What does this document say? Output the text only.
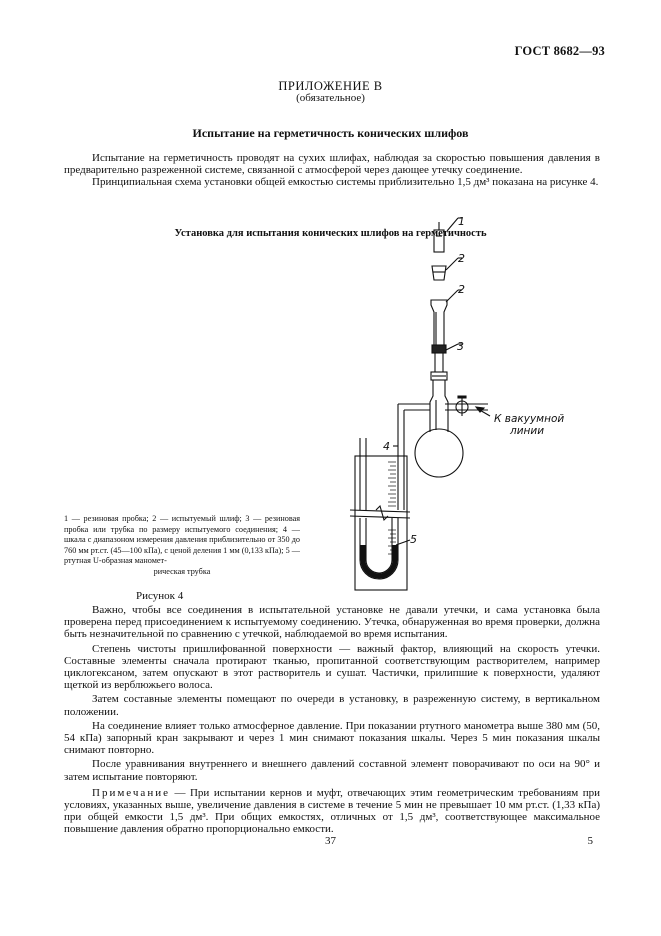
ГОСТ 8682—93
ПРИЛОЖЕНИЕ В
(обязательное)
Испытание на герметичность конических шлифов

Испытание на герметичность проводят на сухих шлифах, наблюдая за скоростью повышения давления в предварительно разреженной системе, связанной с атмосферой через дающее утечку соединение.

Принципиальная схема установки общей емкостью системы приблизительно 1,5 дм³ показана на рисунке 4.

Установка для испытания конических шлифов на герметичность
1
2
2
3
4
5
К вакуумной
линии
1 — резиновая пробка; 2 — испытуемый шлиф; 3 — резиновая пробка или трубка по размеру испытуемого соединения; 4 — шкала с диапазоном измерения давления приблизительно от 350 до 760 мм рт.ст. (45—100 кПа), с ценой деления 1 мм (0,133 кПа); 5 — ртутная U-образная маномет-
рическая трубка
Рисунок 4

Важно, чтобы все соединения в испытательной установке не давали утечки, и сама установка была проверена перед присоединением к испытуемому соединению. Утечка, обнаруженная во время проверки, должна быть незначительной по сравнению с утечкой, наблюдаемой во время испытания.

Степень чистоты пришлифованной поверхности — важный фактор, влияющий на скорость утечки. Составные элементы сначала протирают тканью, пропитанной соответствующим растворителем, например циклогексаном, затем опускают в этот растворитель и сушат. Частички, прилипшие к поверхности, удаляют щеткой из верблюжьего волоса.

Затем составные элементы помещают по очереди в установку, в разреженную систему, в вертикальном положении.

На соединение влияет только атмосферное давление. При показании ртутного манометра выше 380 мм (50, 54 кПа) запорный кран закрывают и через 1 мин снимают показания шкалы. Через 5 мин показания шкалы снимают повторно.

После уравнивания внутреннего и внешнего давлений составной элемент поворачивают по оси на 90° и затем испытание повторяют.

Примечание — При испытании кернов и муфт, отвечающих этим геометрическим требованиям при условиях, указанных выше, увеличение давления в системе в течение 5 мин не превышает 10 мм рт.ст. (1,33 кПа) при общей емкости 1,5 дм³. При общих емкостях, отличных от 1,5 дм³, соответствующее максимальное повышение давления обратно пропорционально емкости.

37	5
